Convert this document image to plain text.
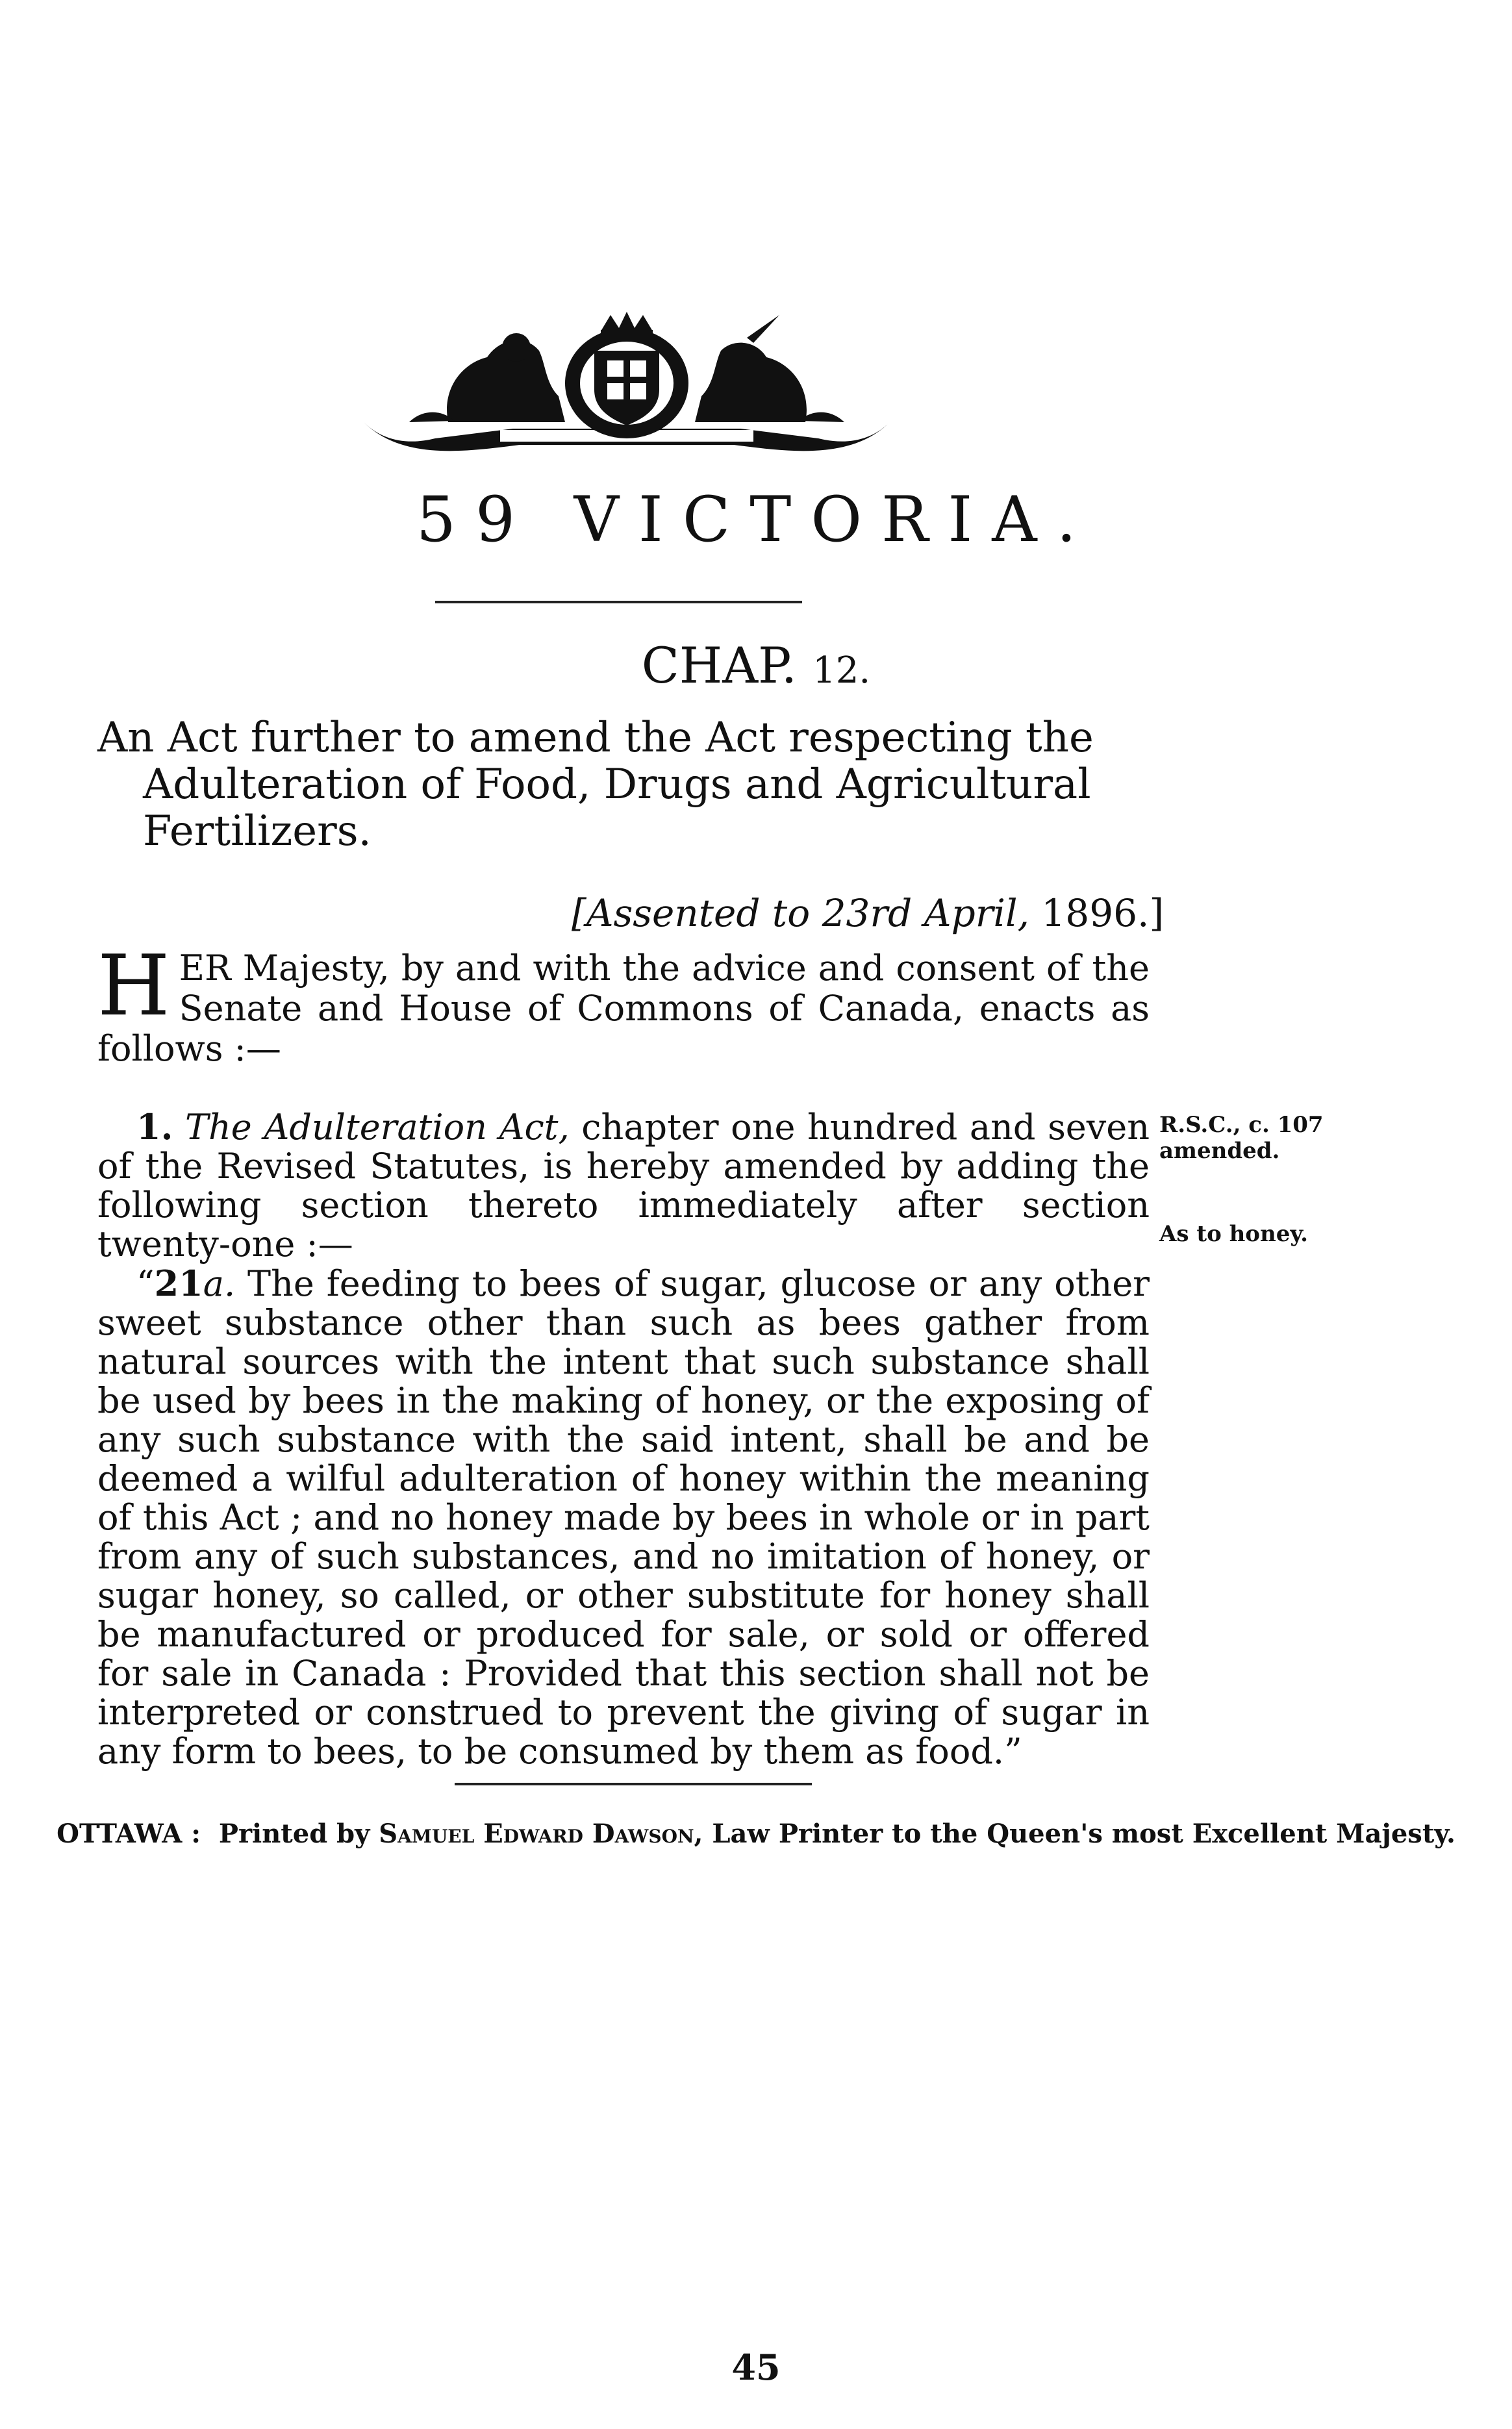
59 VICTORIA.
CHAP. 12.
An Act further to amend the Act respecting the Adulteration of Food, Drugs and Agricultural Fertilizers.
[Assented to 23rd April, 1896.]
H ER Majesty, by and with the advice and consent of the Senate and House of Commons of Canada, enacts as follows :—

1. The Adulteration Act, chapter one hundred and seven of the Revised Statutes, is hereby amended by adding the following section thereto immediately after section twenty-one :—

“21a. The feeding to bees of sugar, glucose or any other sweet substance other than such as bees gather from natural sources with the intent that such substance shall be used by bees in the making of honey, or the exposing of any such substance with the said intent, shall be and be deemed a wilful adulteration of honey within the meaning of this Act ; and no honey made by bees in whole or in part from any of such substances, and no imitation of honey, or sugar honey, so called, or other substitute for honey shall be manufactured or produced for sale, or sold or offered for sale in Canada : Provided that this section shall not be interpreted or construed to prevent the giving of sugar in any form to bees, to be consumed by them as food.”

R.S.C., c. 107
amended.
As to honey.
OTTAWA : Printed by Samuel Edward Dawson, Law Printer to the Queen's most Excellent Majesty.
45
